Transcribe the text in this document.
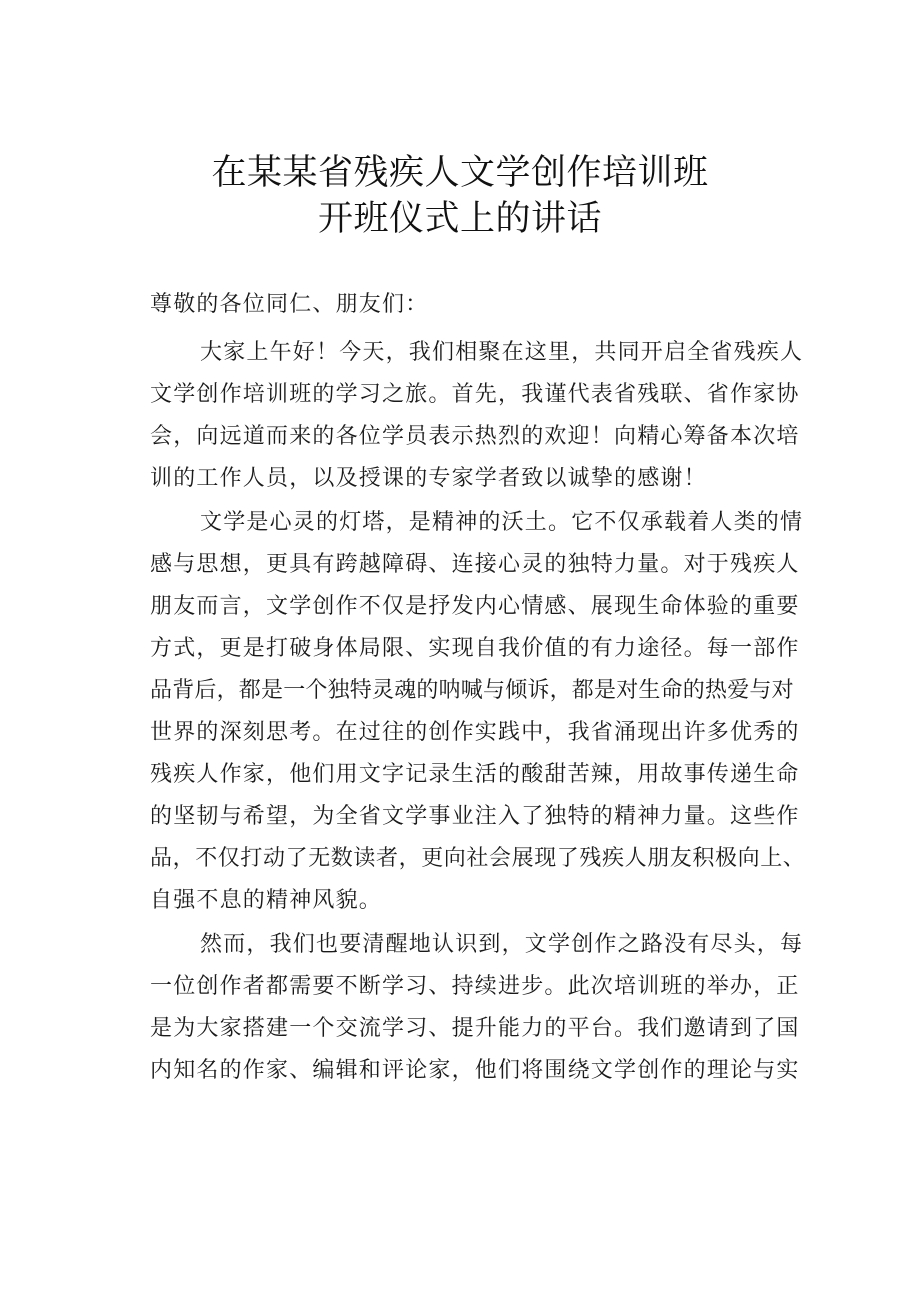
在某某省残疾人文学创作培训班
开班仪式上的讲话
尊敬的各位同仁、朋友们：
大家上午好！今天，我们相聚在这里，共同开启全省残疾人
文学创作培训班的学习之旅。首先，我谨代表省残联、省作家协
会，向远道而来的各位学员表示热烈的欢迎！向精心筹备本次培
训的工作人员，以及授课的专家学者致以诚挚的感谢！
文学是心灵的灯塔，是精神的沃土。它不仅承载着人类的情
感与思想，更具有跨越障碍、连接心灵的独特力量。对于残疾人
朋友而言，文学创作不仅是抒发内心情感、展现生命体验的重要
方式，更是打破身体局限、实现自我价值的有力途径。每一部作
品背后，都是一个独特灵魂的呐喊与倾诉，都是对生命的热爱与对
世界的深刻思考。在过往的创作实践中，我省涌现出许多优秀的
残疾人作家，他们用文字记录生活的酸甜苦辣，用故事传递生命
的坚韧与希望，为全省文学事业注入了独特的精神力量。这些作
品，不仅打动了无数读者，更向社会展现了残疾人朋友积极向上、
自强不息的精神风貌。
然而，我们也要清醒地认识到，文学创作之路没有尽头，每
一位创作者都需要不断学习、持续进步。此次培训班的举办，正
是为大家搭建一个交流学习、提升能力的平台。我们邀请到了国
内知名的作家、编辑和评论家，他们将围绕文学创作的理论与实
